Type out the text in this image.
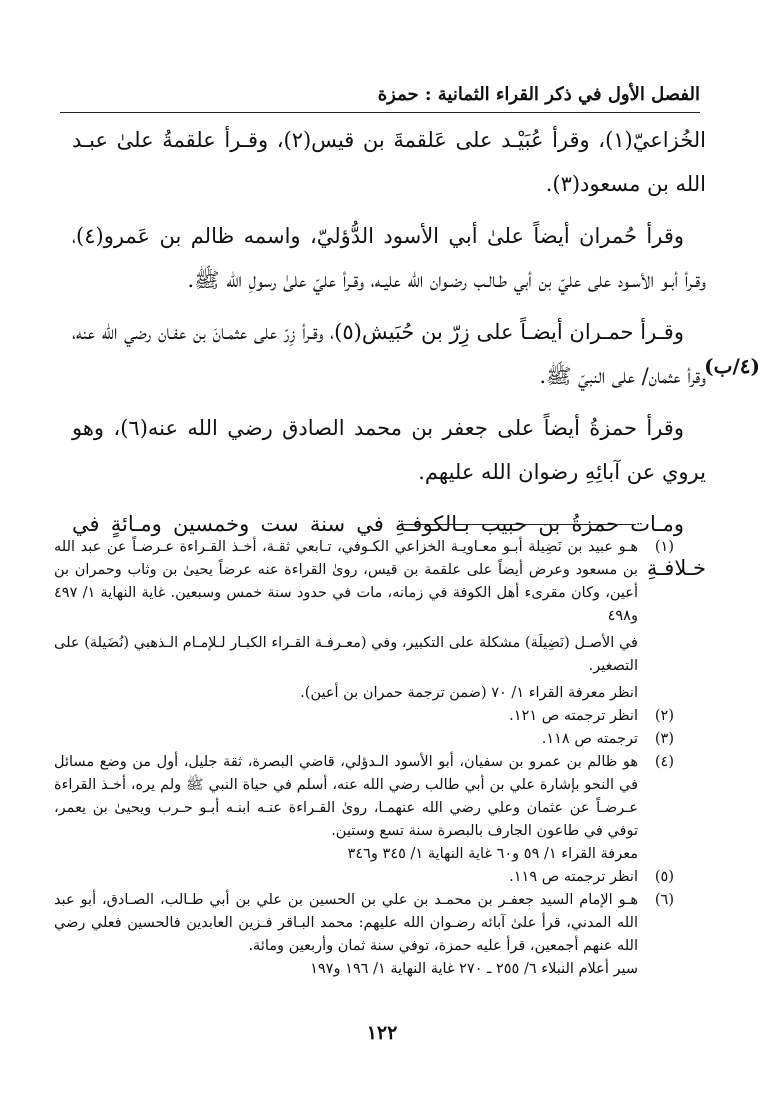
الفصل الأول في ذكر القراء الثمانية : حمزة

الخُزاعيّ(١)، وقرأ عُبَيْـد على عَلقمةَ بن قيس(٢)، وقـرأ علقمةُ علىٰ عبـد الله بن مسعود(٣).

وقرأ حُمران أيضاً علىٰ أبي الأسود الدُّؤليّ، واسمه ظالم بن عَمرو(٤)، وقـرأ أبـو الأسـود على عليّ بن أبي طـالـب رضـوان الله عليـه، وقـرأ عليّ علىٰ رسولِ الله ﷺ.

وقـرأ حمـران أيضـاً على زِرّ بن حُبَيش(٥)، وقـرأ زِرّ على عثمـانَ بن عفـان رضي الله عنه، وقرأ عثمان/ على النبيّ ﷺ.

وقرأ حمزةُ أيضاً على جعفر بن محمد الصادق رضي الله عنه(٦)، وهو يروي عن آبائِهِ رضوان الله عليهم.

ومـات حمزةُ بن حبيب بـالكوفـةِ في سنة ست وخمسين ومـائةٍ في خـلافـةِ

(٤/ب)
(١)

هـو عبيد بن نَضِيلة أبـو معـاويـة الخزاعي الكـوفي، تـابعي ثقـة، أخـذ القـراءة عـرضـاً عن عبد الله بن مسعود وعرض أيضاً على علقمة بن قيس، روىٰ القراءة عنه عرضاً يحيىٰ بن وثاب وحمران بن أعين، وكان مقرىء أهل الكوفة في زمانه، مات في حدود سنة خمس وسبعين. غاية النهاية ١/ ٤٩٧ و٤٩٨

في الأصـل (نَضِيلَة) مشكلة على التكبير، وفي (معـرفـة القـراء الكبـار لـلإمـام الـذهبي (نُضَيلة) على التصغير.

انظر معرفة القراء ١/ ٧٠ (ضمن ترجمة حمران بن أعين).

(٢)

انظر ترجمته ص ١٢١.

(٣)

ترجمته ص ١١٨.

(٤)

هو ظالم بن عمرو بن سفيان، أبو الأسود الـدؤلي، قاضي البصرة، ثقة جليل، أول من وضع مسائل في النحو بإشارة علي بن أبي طالب رضي الله عنه، أسلم في حياة النبي ﷺ ولم يره، أخـذ القراءة عـرضـاً عن عثمان وعلي رضي الله عنهمـا، روىٰ القـراءة عنـه ابنـه أبـو حـرب ويحيىٰ بن يعمر، توفي في طاعون الجارف بالبصرة سنة تسع وستين.

معرفة القراء ١/ ٥٩ و٦٠ غاية النهاية ١/ ٣٤٥ و٣٤٦

(٥)

انظر ترجمته ص ١١٩.

(٦)

هـو الإمام السيد جعفـر بن محمـد بن علي بن الحسين بن علي بن أبي طـالب، الصـادق، أبو عبد الله المدني، قرأ علىٰ آبائه رضـوان الله عليهم: محمد البـاقر فـزين العابدين فالحسين فعلي رضي الله عنهم أجمعين، قرأ عليه حمزة، توفي سنة ثمان وأربعين ومائة.

سير أعلام النبلاء ٦/ ٢٥٥ ـ ٢٧٠ غاية النهاية ١/ ١٩٦ و١٩٧

١٢٢
